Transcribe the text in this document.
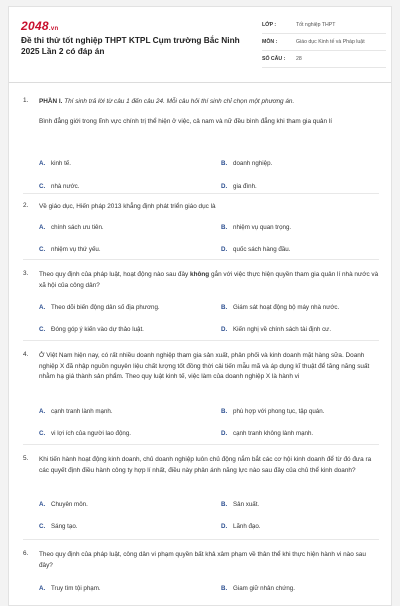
2048.vn
Đề thi thử tốt nghiệp THPT KTPL Cụm trường Bắc Ninh 2025 Lần 2 có đáp án
LỚP :	Tốt nghiệp THPT
MÔN :	Giáo dục Kinh tế và Pháp luật
SỐ CÂU :	28
1. PHẦN I. Thí sinh trả lời từ câu 1 đến câu 24. Mỗi câu hỏi thí sinh chỉ chọn một phương án.
Bình đẳng giới trong lĩnh vực chính trị thể hiện ở việc, cả nam và nữ đều bình đẳng khi tham gia quản lí
A. kinh tế.	B. doanh nghiệp.
C. nhà nước.	D. gia đình.
2. Về giáo dục, Hiến pháp 2013 khẳng định phát triển giáo dục là
A. chính sách ưu tiên.	B. nhiệm vụ quan trọng.
C. nhiệm vụ thứ yếu.	D. quốc sách hàng đầu.
3. Theo quy định của pháp luật, hoạt động nào sau đây không gắn với việc thực hiện quyền tham gia quản lí nhà nước và xã hội của công dân?
A. Theo dõi biến động dân số địa phương.	B. Giám sát hoạt động bộ máy nhà nước.
C. Đóng góp ý kiến vào dự thảo luật.	D. Kiến nghị về chính sách tài định cư.
4. Ở Việt Nam hiện nay, có rất nhiều doanh nghiệp tham gia sản xuất, phân phối và kinh doanh mặt hàng sữa. Doanh nghiệp X đã nhập nguồn nguyên liệu chất lượng tốt đồng thời cải tiến mẫu mã và áp dụng kĩ thuật để tăng năng suất nhằm hạ giá thành sản phẩm. Theo quy luật kinh tế, việc làm của doanh nghiệp X là hành vi
A. cạnh tranh lành mạnh.	B. phù hợp với phong tục, tập quán.
C. vi lợi ích của người lao động.	D. cạnh tranh không lành mạnh.
5. Khi tiến hành hoạt động kinh doanh, chủ doanh nghiệp luôn chủ động nắm bắt các cơ hội kinh doanh để từ đó đưa ra các quyết định điều hành công ty hợp lí nhất, điều này phản ánh năng lực nào sau đây của chủ thể kinh doanh?
A. Chuyên môn.	B. Sản xuất.
C. Sáng tạo.	D. Lãnh đạo.
6. Theo quy định của pháp luật, công dân vi phạm quyền bất khả xâm phạm về thân thể khi thực hiện hành vi nào sau đây?
A. Truy tìm tội phạm.	B. Giam giữ nhân chứng.
